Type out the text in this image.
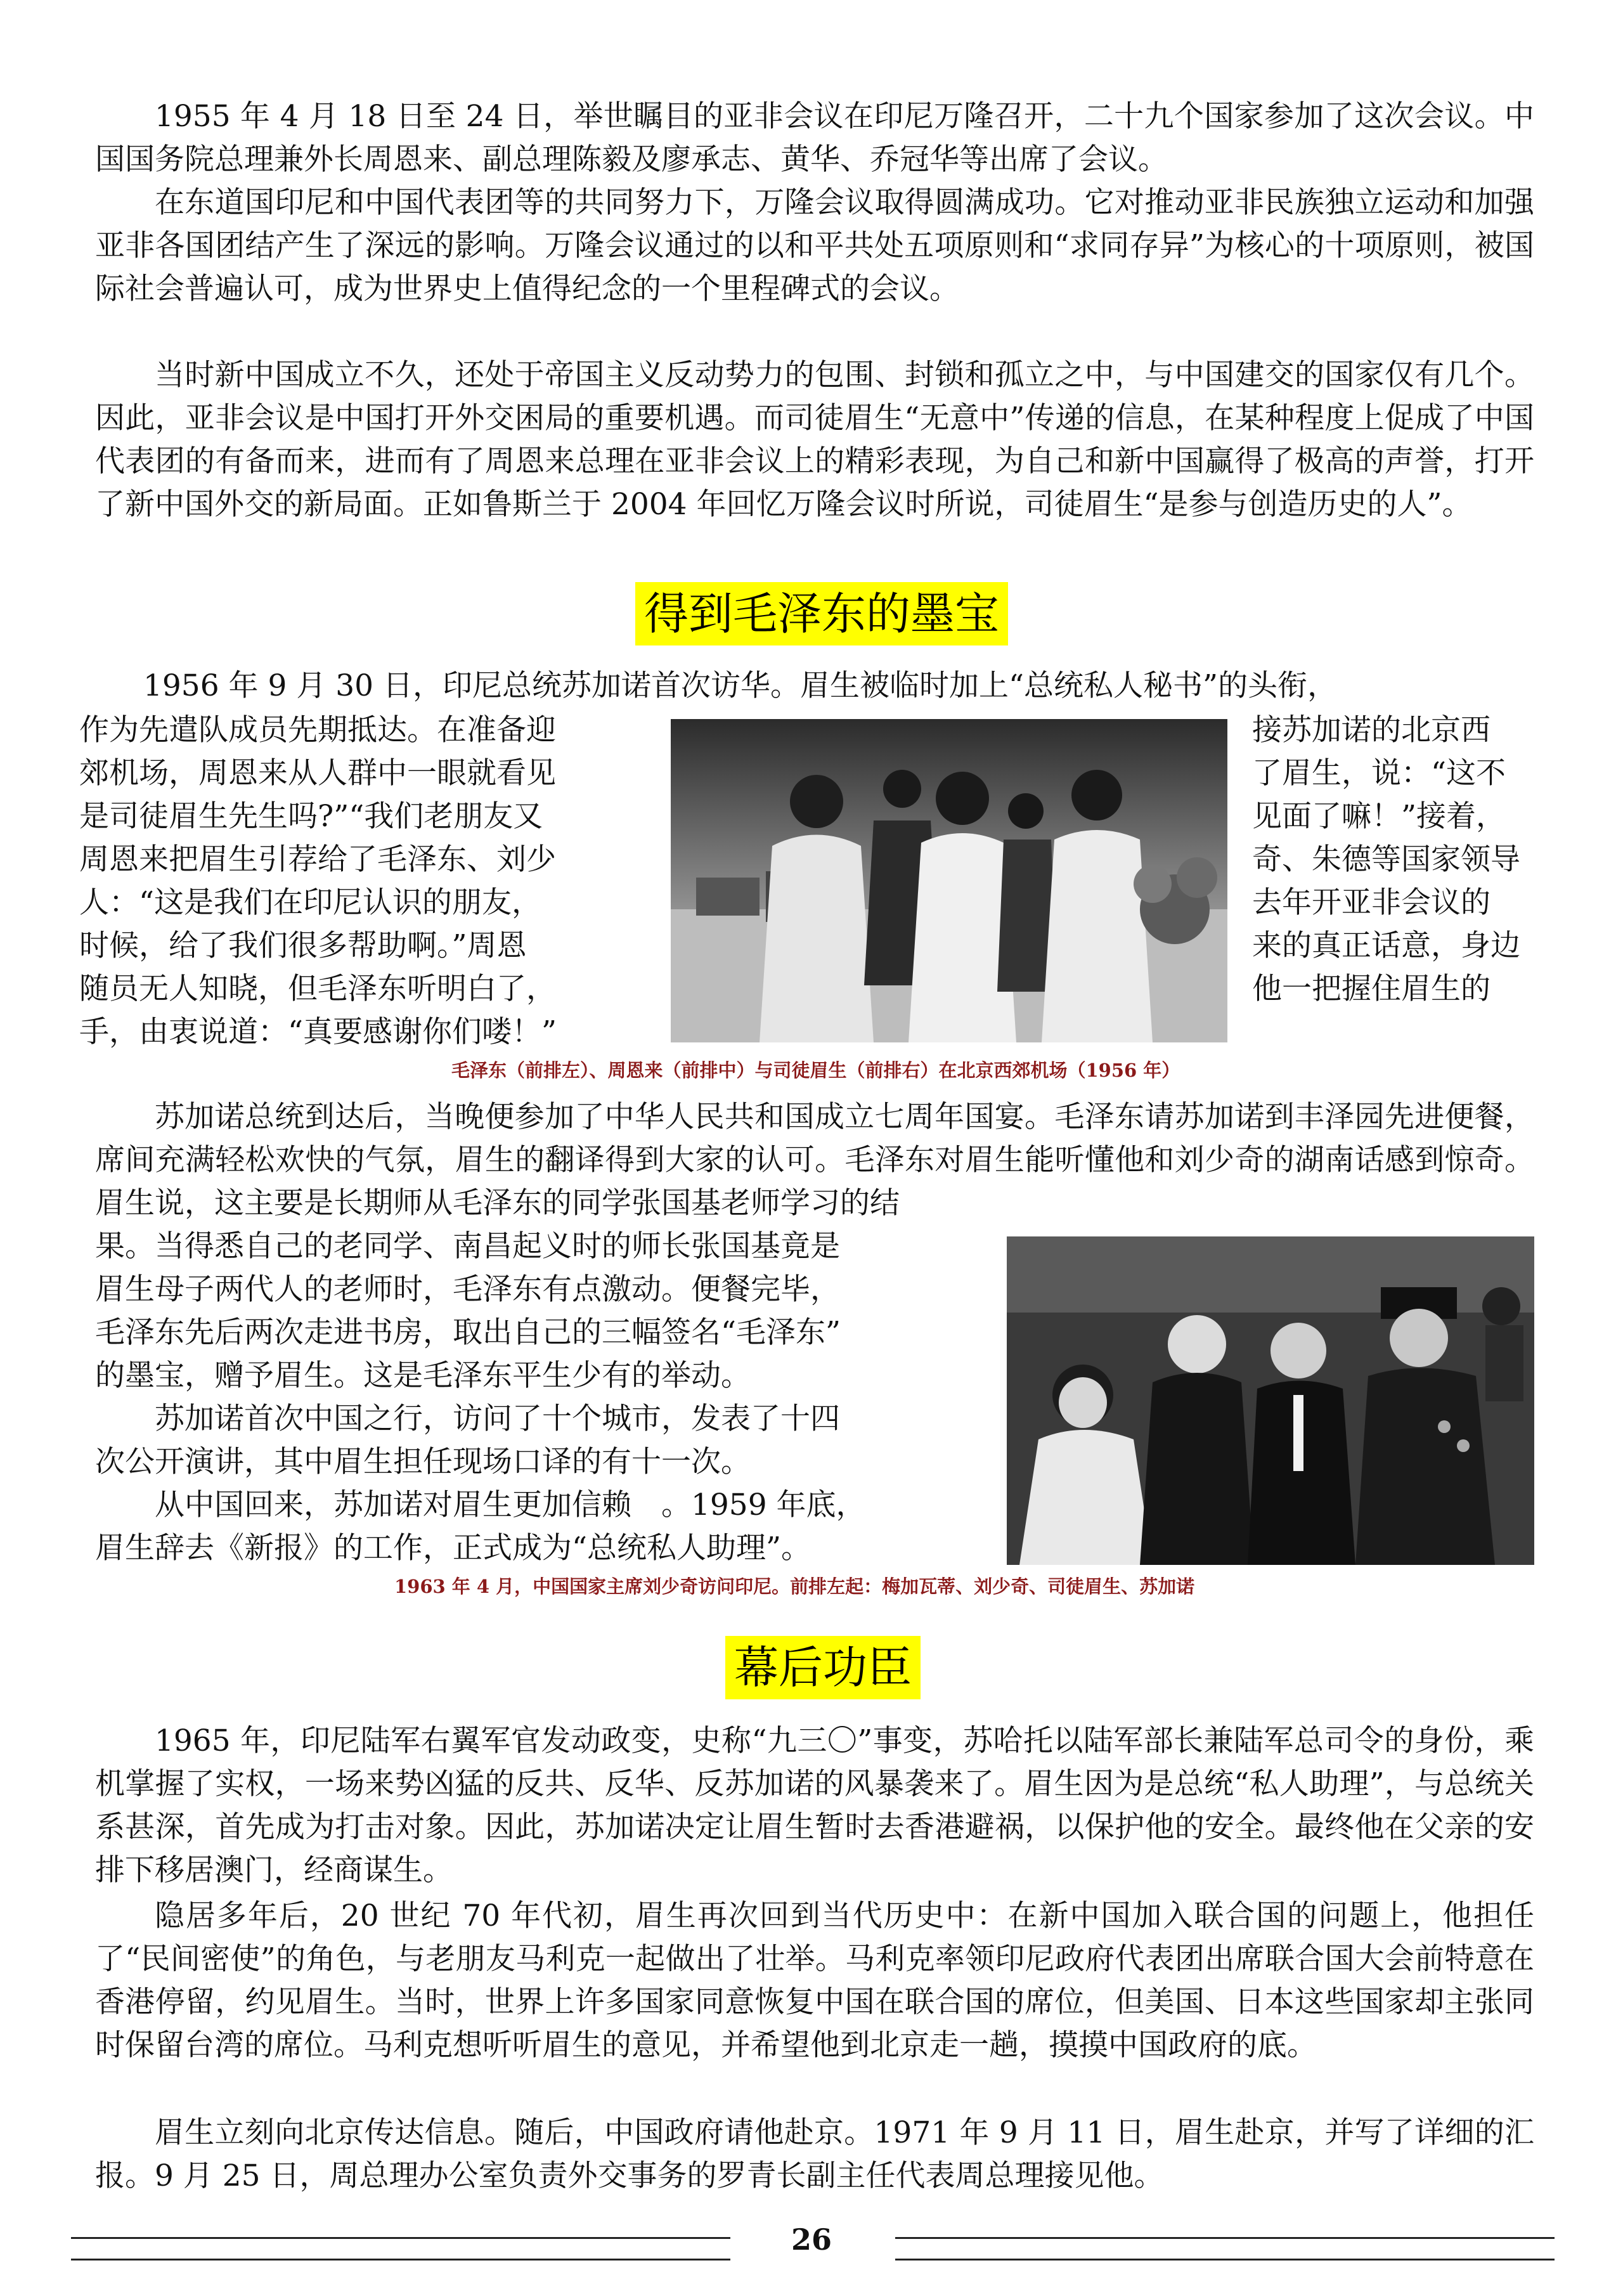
1955 年 4 月 18 日至 24 日，举世瞩目的亚非会议在印尼万隆召开，二十九个国家参加了这次会议。中国国务院总理兼外长周恩来、副总理陈毅及廖承志、黄华、乔冠华等出席了会议。

在东道国印尼和中国代表团等的共同努力下，万隆会议取得圆满成功。它对推动亚非民族独立运动和加强亚非各国团结产生了深远的影响。万隆会议通过的以和平共处五项原则和“求同存异”为核心的十项原则，被国际社会普遍认可，成为世界史上值得纪念的一个里程碑式的会议。

当时新中国成立不久，还处于帝国主义反动势力的包围、封锁和孤立之中，与中国建交的国家仅有几个。因此，亚非会议是中国打开外交困局的重要机遇。而司徒眉生“无意中”传递的信息，在某种程度上促成了中国代表团的有备而来，进而有了周恩来总理在亚非会议上的精彩表现，为自己和新中国赢得了极高的声誉，打开了新中国外交的新局面。正如鲁斯兰于 2004 年回忆万隆会议时所说，司徒眉生“是参与创造历史的人”。

得到毛泽东的墨宝
1956 年 9 月 30 日，印尼总统苏加诺首次访华。眉生被临时加上“总统私人秘书”的头衔，
作为先遣队成员先期抵达。在准备迎
郊机场，周恩来从人群中一眼就看见
是司徒眉生先生吗?”“我们老朋友又
周恩来把眉生引荐给了毛泽东、刘少
人：“这是我们在印尼认识的朋友，
时候，给了我们很多帮助啊。”周恩
随员无人知晓，但毛泽东听明白了，
手，由衷说道：“真要感谢你们喽！”
接苏加诺的北京西
了眉生，说：“这不
见面了嘛！”接着，
奇、朱德等国家领导
去年开亚非会议的
来的真正话意，身边
他一把握住眉生的
毛泽东（前排左）、周恩来（前排中）与司徒眉生（前排右）在北京西郊机场（1956 年）

苏加诺总统到达后，当晚便参加了中华人民共和国成立七周年国宴。毛泽东请苏加诺到丰泽园先进便餐，席间充满轻松欢快的气氛，眉生的翻译得到大家的认可。毛泽东对眉生能听懂他和刘少奇的湖南话感到惊奇。眉生说，这主要是长期师从毛泽东的同学张国基老师学习的结

果。当得悉自己的老同学、南昌起义时的师长张国基竟是
眉生母子两代人的老师时，毛泽东有点激动。便餐完毕，
毛泽东先后两次走进书房，取出自己的三幅签名“毛泽东”
的墨宝，赠予眉生。这是毛泽东平生少有的举动。
苏加诺首次中国之行，访问了十个城市，发表了十四
次公开演讲，其中眉生担任现场口译的有十一次。
从中国回来，苏加诺对眉生更加信赖　。1959 年底，
眉生辞去《新报》的工作，正式成为“总统私人助理”。
1963 年 4 月，中国国家主席刘少奇访问印尼。前排左起：梅加瓦蒂、刘少奇、司徒眉生、苏加诺
幕后功臣

1965 年，印尼陆军右翼军官发动政变，史称“九三〇”事变，苏哈托以陆军部长兼陆军总司令的身份，乘机掌握了实权，一场来势凶猛的反共、反华、反苏加诺的风暴袭来了。眉生因为是总统“私人助理”，与总统关系甚深，首先成为打击对象。因此，苏加诺决定让眉生暂时去香港避祸，以保护他的安全。最终他在父亲的安排下移居澳门，经商谋生。

隐居多年后，20 世纪 70 年代初，眉生再次回到当代历史中：在新中国加入联合国的问题上，他担任了“民间密使”的角色，与老朋友马利克一起做出了壮举。马利克率领印尼政府代表团出席联合国大会前特意在香港停留，约见眉生。当时，世界上许多国家同意恢复中国在联合国的席位，但美国、日本这些国家却主张同时保留台湾的席位。马利克想听听眉生的意见，并希望他到北京走一趟，摸摸中国政府的底。

眉生立刻向北京传达信息。随后，中国政府请他赴京。1971 年 9 月 11 日，眉生赴京，并写了详细的汇报。9 月 25 日，周总理办公室负责外交事务的罗青长副主任代表周总理接见他。

26
